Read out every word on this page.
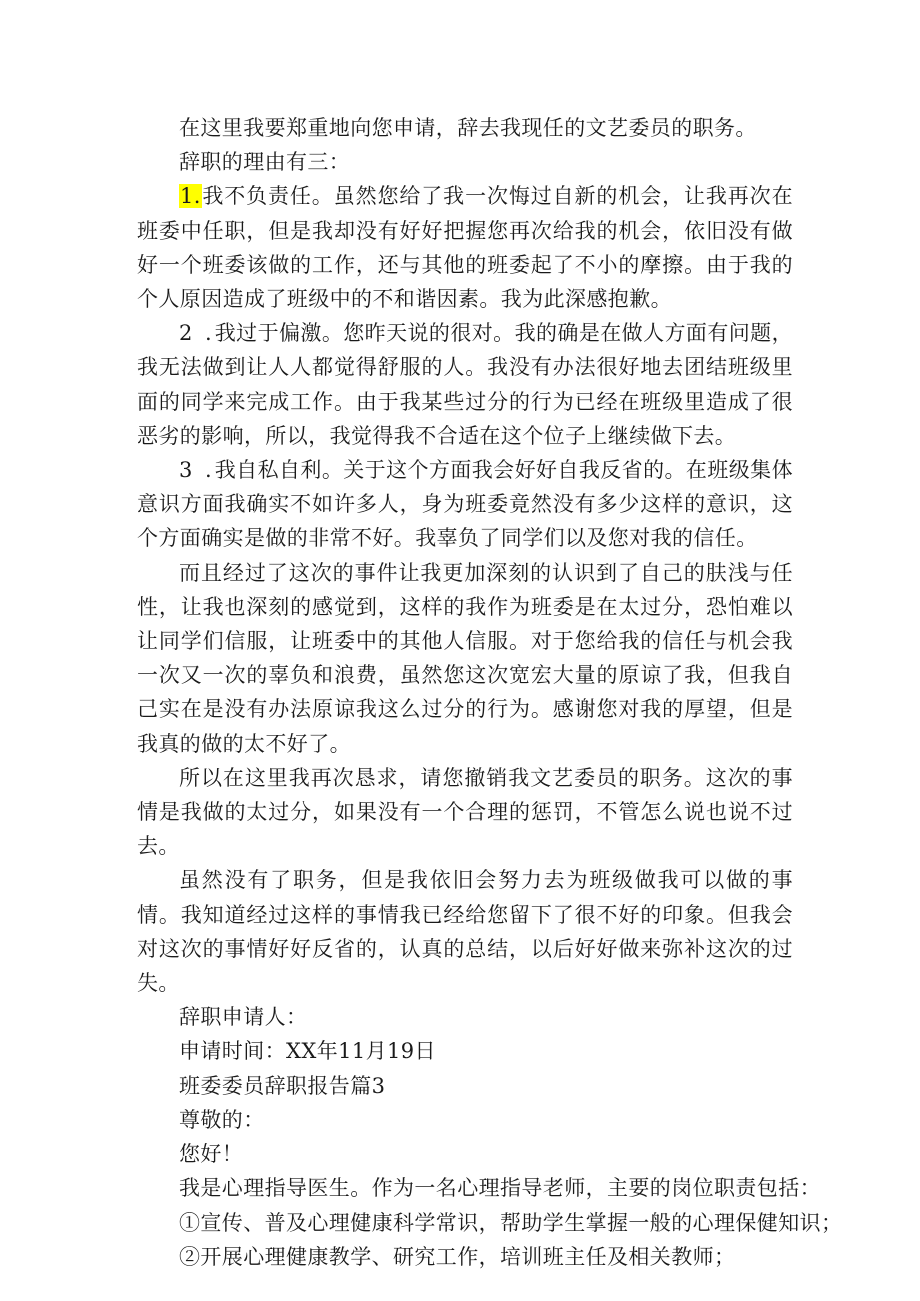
在这里我要郑重地向您申请，辞去我现任的文艺委员的职务。

辞职的理由有三：

1.我不负责任。虽然您给了我一次悔过自新的机会，让我再次在班委中任职，但是我却没有好好把握您再次给我的机会，依旧没有做好一个班委该做的工作，还与其他的班委起了不小的摩擦。由于我的个人原因造成了班级中的不和谐因素。我为此深感抱歉。

2 .我过于偏激。您昨天说的很对。我的确是在做人方面有问题，我无法做到让人人都觉得舒服的人。我没有办法很好地去团结班级里面的同学来完成工作。由于我某些过分的行为已经在班级里造成了很恶劣的影响，所以，我觉得我不合适在这个位子上继续做下去。

3 .我自私自利。关于这个方面我会好好自我反省的。在班级集体意识方面我确实不如许多人，身为班委竟然没有多少这样的意识，这个方面确实是做的非常不好。我辜负了同学们以及您对我的信任。

而且经过了这次的事件让我更加深刻的认识到了自己的肤浅与任性，让我也深刻的感觉到，这样的我作为班委是在太过分，恐怕难以让同学们信服，让班委中的其他人信服。对于您给我的信任与机会我一次又一次的辜负和浪费，虽然您这次宽宏大量的原谅了我，但我自己实在是没有办法原谅我这么过分的行为。感谢您对我的厚望，但是我真的做的太不好了。

所以在这里我再次恳求，请您撤销我文艺委员的职务。这次的事情是我做的太过分，如果没有一个合理的惩罚，不管怎么说也说不过去。

虽然没有了职务，但是我依旧会努力去为班级做我可以做的事情。我知道经过这样的事情我已经给您留下了很不好的印象。但我会对这次的事情好好反省的，认真的总结，以后好好做来弥补这次的过失。

辞职申请人：

申请时间：XX年11月19日

班委委员辞职报告篇3

尊敬的：

您好！

我是心理指导医生。作为一名心理指导老师，主要的岗位职责包括：

①宣传、普及心理健康科学常识，帮助学生掌握一般的心理保健知识；

②开展心理健康教学、研究工作，培训班主任及相关教师；
